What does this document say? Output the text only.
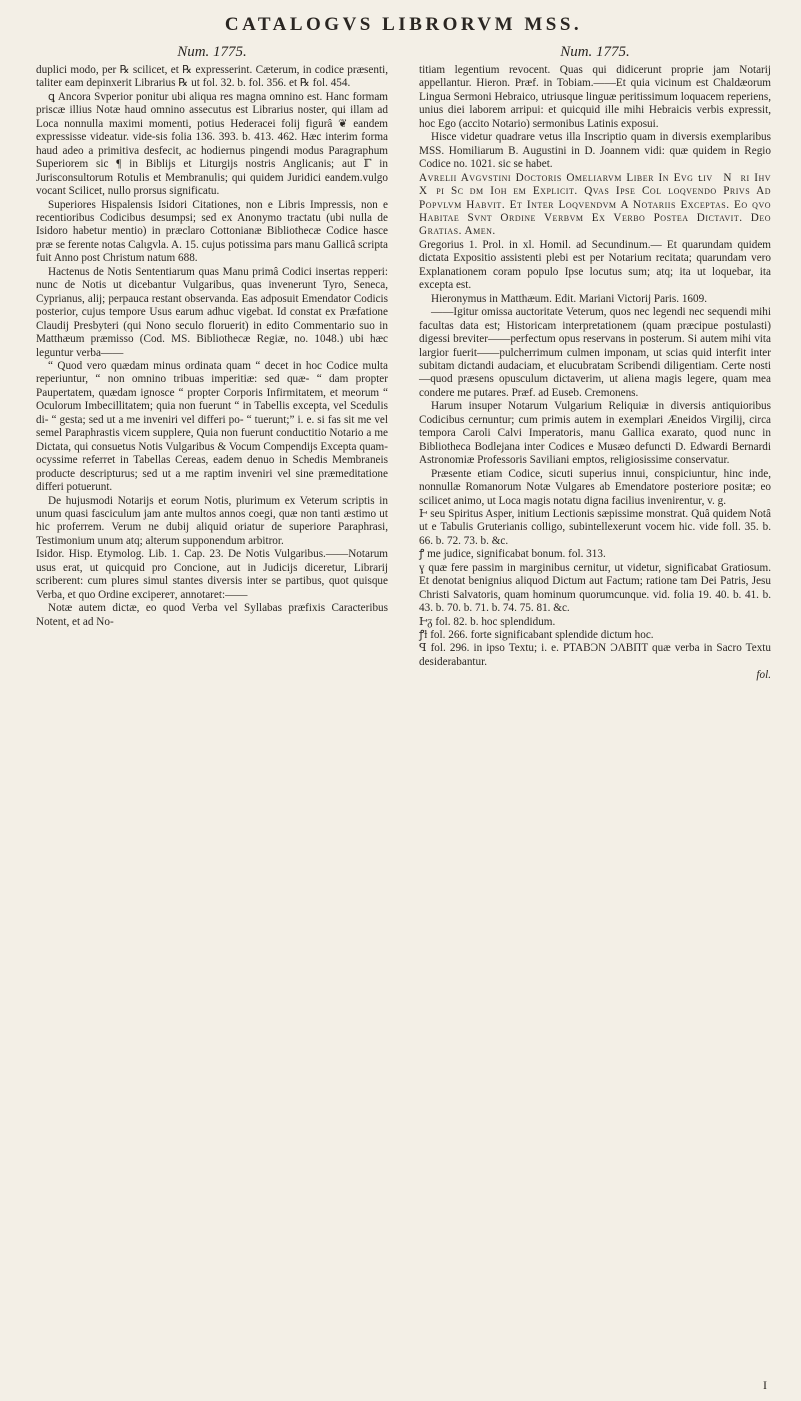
CATALOGVS LIBRORVM MSS.
Num. 1775.

duplici modo, per ℞ scilicet, et ℞ expresserint. Cæterum, in codice præsenti, taliter eam depinxerit Librarius ℞ ut fol. 32. b. fol. 356. et ℞ fol. 454.

ꝗ Ancora Svperior ponitur ubi aliqua res magna omnino est. Hanc formam priscæ illius Notæ haud omnino assecutus est Librarius noster, qui illam ad Loca nonnulla maximi momenti, potius Hederacei folij figurâ ❦ eandem expressisse videatur. vide-sis folia 136. 393. b. 413. 462. Hæc interim forma haud adeo a primitiva desfecit, ac hodiernus pingendi modus Paragraphum Superiorem sic ¶ in Biblijs et Liturgijs nostris Anglicanis; aut ℾ in Jurisconsultorum Rotulis et Membranulis; qui quidem Juridici eandem.vulgo vocant Scilicet, nullo prorsus significatu.

Superiores Hispalensis Isidori Citationes, non e Libris Impressis, non e recentioribus Codicibus desumpsi; sed ex Anonymo tractatu (ubi nulla de Isidoro habetur mentio) in præclaro Cottonianæ Bibliothecæ Codice hasce præ se ferente notas Calɩgvla. A. 15. cujus potissima pars manu Gallicâ scripta fuit Anno post Christum natum 688.

Hactenus de Notis Sententiarum quas Manu primâ Codici insertas repperi: nunc de Notis ut dicebantur Vulgaribus, quas invenerunt Tyro, Seneca, Cyprianus, alij; perpauca restant observanda. Eas adposuit Emendator Codicis posterior, cujus tempore Usus earum adhuc vigebat. Id constat ex Præfatione Claudij Presbyteri (qui Nono seculo floruerit) in edito Commentario suo in Matthæum præmisso (Cod. MS. Bibliothecæ Regiæ, no. 1048.) ubi hæc leguntur verba——

“ Quod vero quædam minus ordinata quam “ decet in hoc Codice multa reperiuntur, “ non omnino tribuas imperitiæ: sed quæ- “ dam propter Paupertatem, quædam ignosce “ propter Corporis Infirmitatem, et meorum “ Oculorum Imbecillitatem; quia non fuerunt “ in Tabellis excepta, vel Scedulis di- “ gesta; sed ut a me inveniri vel differi po- “ tuerunt;” i. e. si fas sit me vel semel Paraphrastis vicem supplere, Quia non fuerunt conductitio Notario a me Dictata, qui consuetus Notis Vulgaribus & Vocum Compendijs Excepta quam-ocyssime referret in Tabellas Cereas, eadem denuo in Schedis Membraneis producte descripturus; sed ut a me raptim inveniri vel sine præmeditatione differi potuerunt.

De hujusmodi Notarijs et eorum Notis, plurimum ex Veterum scriptis in unum quasi fasciculum jam ante multos annos coegi, quæ non tanti æstimo ut hic proferrem. Verum ne dubij aliquid oriatur de superiore Paraphrasi, Testimonium unum atq; alterum supponendum arbitror.

Isidor. Hisp. Etymolog. Lib. 1. Cap. 23. De Notis Vulgaribus.——Notarum usus erat, ut quicquid pro Concione, aut in Judicijs diceretur, Librarij scriberent: cum plures simul stantes diversis inter se partibus, quot quisque Verba, et quo Ordine excipereᴛ, annotaret:——

Notæ autem dictæ, eo quod Verba vel Syllabas præfixis Caracteribus Notent, et ad No-

Num. 1775.

titiam legentium revocent. Quas qui didicerunt proprie jam Notarij appellantur. Hieron. Præf. in Tobiam.——Et quia vicinum est Chaldæorum Lingua Sermoni Hebraico, utriusque linguæ peritissimum loquacem reperiens, unius diei laborem arripui: et quicquid ille mihi Hebraicis verbis expressit, hoc Ego (accito Notario) sermonibus Latinis exposui.

Hisce videtur quadrare vetus illa Inscriptio quam in diversis exemplaribus MSS. Homiliarum B. Augustini in D. Joannem vidi: quæ quidem in Regio Codice no. 1021. sic se habet.

Avrelii Avgvstini Doctoris Omeliarvm Liber In Evg ꝉiv᷑ Nᷤri Ihv Xᷤpi Scᷤdm Iohᷤem Explicit. Qvas Ipse Col loqvendo Privs Ad Popvlvm Habvit. Et Inter Loqvendvm A Notariis Exceptas. Eo qvo Habitae Svnt Ordine Verbvm Ex Verbo Postea Dictavit. Deo Gratias. Amen.

Gregorius 1. Prol. in xl. Homil. ad Secundinum.— Et quarundam quidem dictata Expositio assistenti plebi est per Notarium recitata; quarundam vero Explanationem coram populo Ipse locutus sum; atq; ita ut loquebar, ita excepta est.

Hieronymus in Matthæum. Edit. Mariani Victorij Paris. 1609.

——Igitur omissa auctoritate Veterum, quos nec legendi nec sequendi mihi facultas data est; Historicam interpretationem (quam præcipue postulasti) digessi breviter——perfectum opus reservans in posterum. Si autem mihi vita largior fuerit——pulcherrimum culmen imponam, ut scias quid interfit inter subitam dictandi audaciam, et elucubratam Scribendi diligentiam. Certe nosti—quod præsens opusculum dictaverim, ut aliena magis legere, quam mea condere me putares. Præf. ad Euseb. Cremonens.

Harum insuper Notarum Vulgarium Reliquiæ in diversis antiquioribus Codicibus cernuntur; cum primis autem in exemplari Æneidos Virgilij, circa tempora Caroli Calvi Imperatoris, manu Gallica exarato, quod nunc in Bibliotheca Bodlejana inter Codices e Musæo defuncti D. Edwardi Bernardi Astronomiæ Professoris Saviliani emptos, religiosissime conservatur.

Præsente etiam Codice, sicuti superius innui, conspiciuntur, hinc inde, nonnullæ Romanorum Notæ Vulgares ab Emendatore posteriore positæ; eo scilicet animo, ut Loca magis notatu digna facilius invenirentur, v. g.

Ͱ seu Spiritus Asper, initium Lectionis sæpissime monstrat. Quâ quidem Notâ ut e Tabulis Gruterianis colligo, subintellexerunt vocem hic. vide foll. 35. b. 66. b. 72. 73. b. &c.

ꝭ me judice, significabat bonum. fol. 313.

ɣ quæ fere passim in marginibus cernitur, ut videtur, significabat Gratiosum. Et denotat benignius aliquod Dictum aut Factum; ratione tam Dei Patris, Jesu Christi Salvatoris, quam hominum quorumcunque. vid. folia 19. 40. b. 41. b. 43. b. 70. b. 71. b. 74. 75. 81. &c.

Ͱᵹ fol. 82. b. hoc splendidum.

ꝭƚ fol. 266. forte significabant splendide dictum hoc.

ꟼ fol. 296. in ipso Textu; i. e. PTABƆN ƆɅBΠT quæ verba in Sacro Textu desiderabantur.

fol.
I
